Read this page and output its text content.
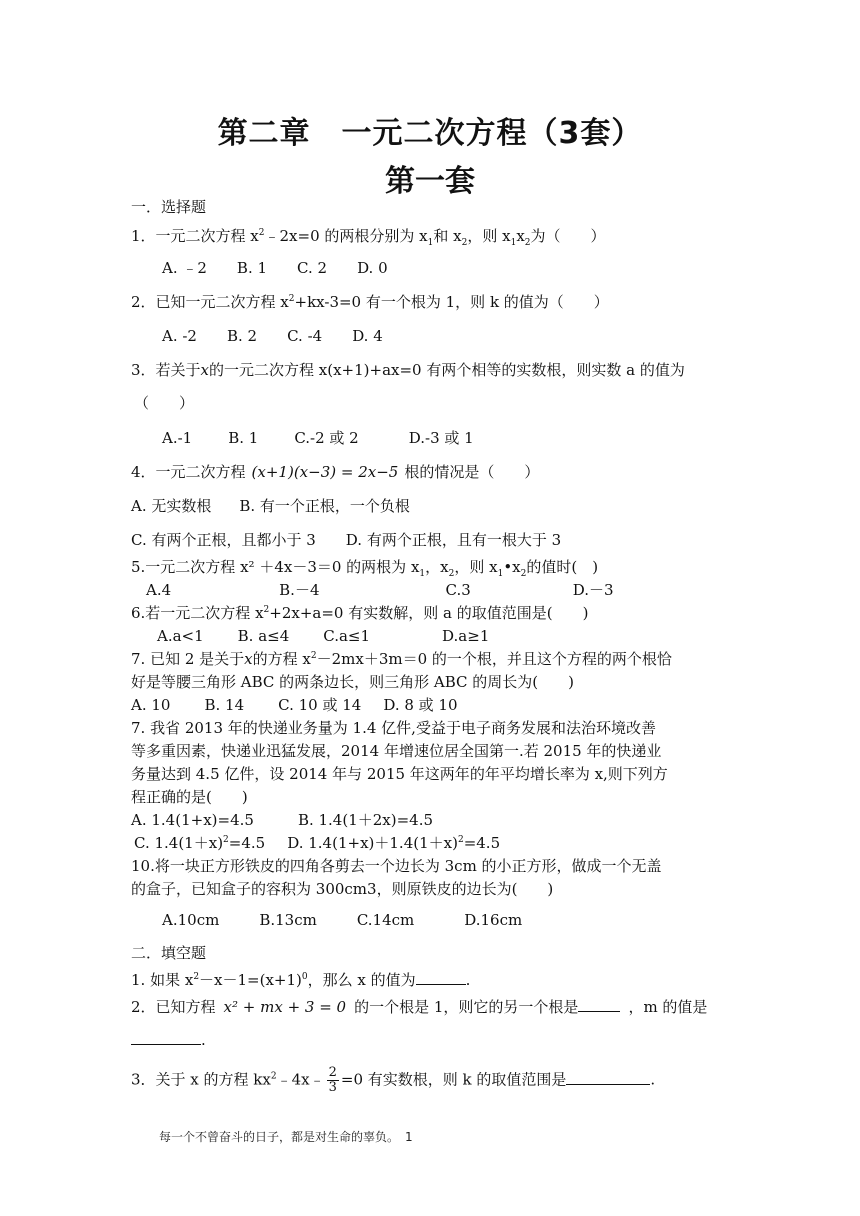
第二章　一元二次方程（3套）
第一套
一．选择题
1．一元二次方程 $x^2﹣2x=0$ 的两根分别为 $x_1$和 $x_2$，则 $x_1x_2$为（　　）
A. ﹣2 B. 1 C. 2 D. 0
2．已知一元二次方程 $x^2+kx-3=0$ 有一个根为 1，则 k 的值为（　　）
A. -2 B. 2 C. -4 D. 4
3．若关于x的一元二次方程 x(x+1)+ax=0 有两个相等的实数根，则实数 a 的值为
（　　）
A.-1 B. 1 C.-2 或 2	D.-3 或 1
4．一元二次方程 (x+1)(x−3) = 2x−5 根的情况是（　　）
A. 无实数根 B. 有一个正根，一个负根
C. 有两个正根，且都小于 3 D. 有两个正根，且有一根大于 3
5.一元二次方程 x² ＋4x－3＝0 的两根为 $x_1$，$x_2$，则 $x_1•x_2$的值时(　)
A.4	B.－4	C.3	D.－3
6.若一元二次方程 $x^2+2x+a=0$ 有实数解，则 a 的取值范围是(　　)
A.a<1 B. a≤4 C.a≤1	D.a≥1
7. 已知 2 是关于x的方程 $x^2-2mx+3m=0$ 的一个根，并且这个方程的两个根恰
好是等腰三角形 ABC 的两条边长，则三角形 ABC 的周长为(　　)
A. 10 B. 14 C. 10 或 14 D. 8 或 10
7. 我省 2013 年的快递业务量为 1.4 亿件,受益于电子商务发展和法治环境改善
等多重因素，快递业迅猛发展，2014 年增速位居全国第一.若 2015 年的快递业
务量达到 4.5 亿件，设 2014 年与 2015 年这两年的年平均增长率为 x,则下列方
程正确的是(　　)
A. 1.4(1+x)=4.5	B. 1.4(1＋2x)=4.5
C. $1.4(1+x)^2=4.5$ D. $1.4(1+x)+1.4(1+x)^2=4.5$
10.将一块正方形铁皮的四角各剪去一个边长为 3cm 的小正方形，做成一个无盖
的盒子，已知盒子的容积为 300cm3，则原铁皮的边长为(　　)
A.10cm	B.13cm	C.14cm	D.16cm
二．填空题
1. 如果 $x^2-x-1=(x+1)^0$，那么 x 的值为	.
2．已知方程 x² + mx + 3 = 0 的一个根是 1，则它的另一个根是	，m 的值是
.
3．关于 x 的方程 $kx^2﹣4x﹣ \frac{2}{3} =0$ 有实数根，则 k 的取值范围是	.
每一个不曾奋斗的日子，都是对生命的辜负。　1
